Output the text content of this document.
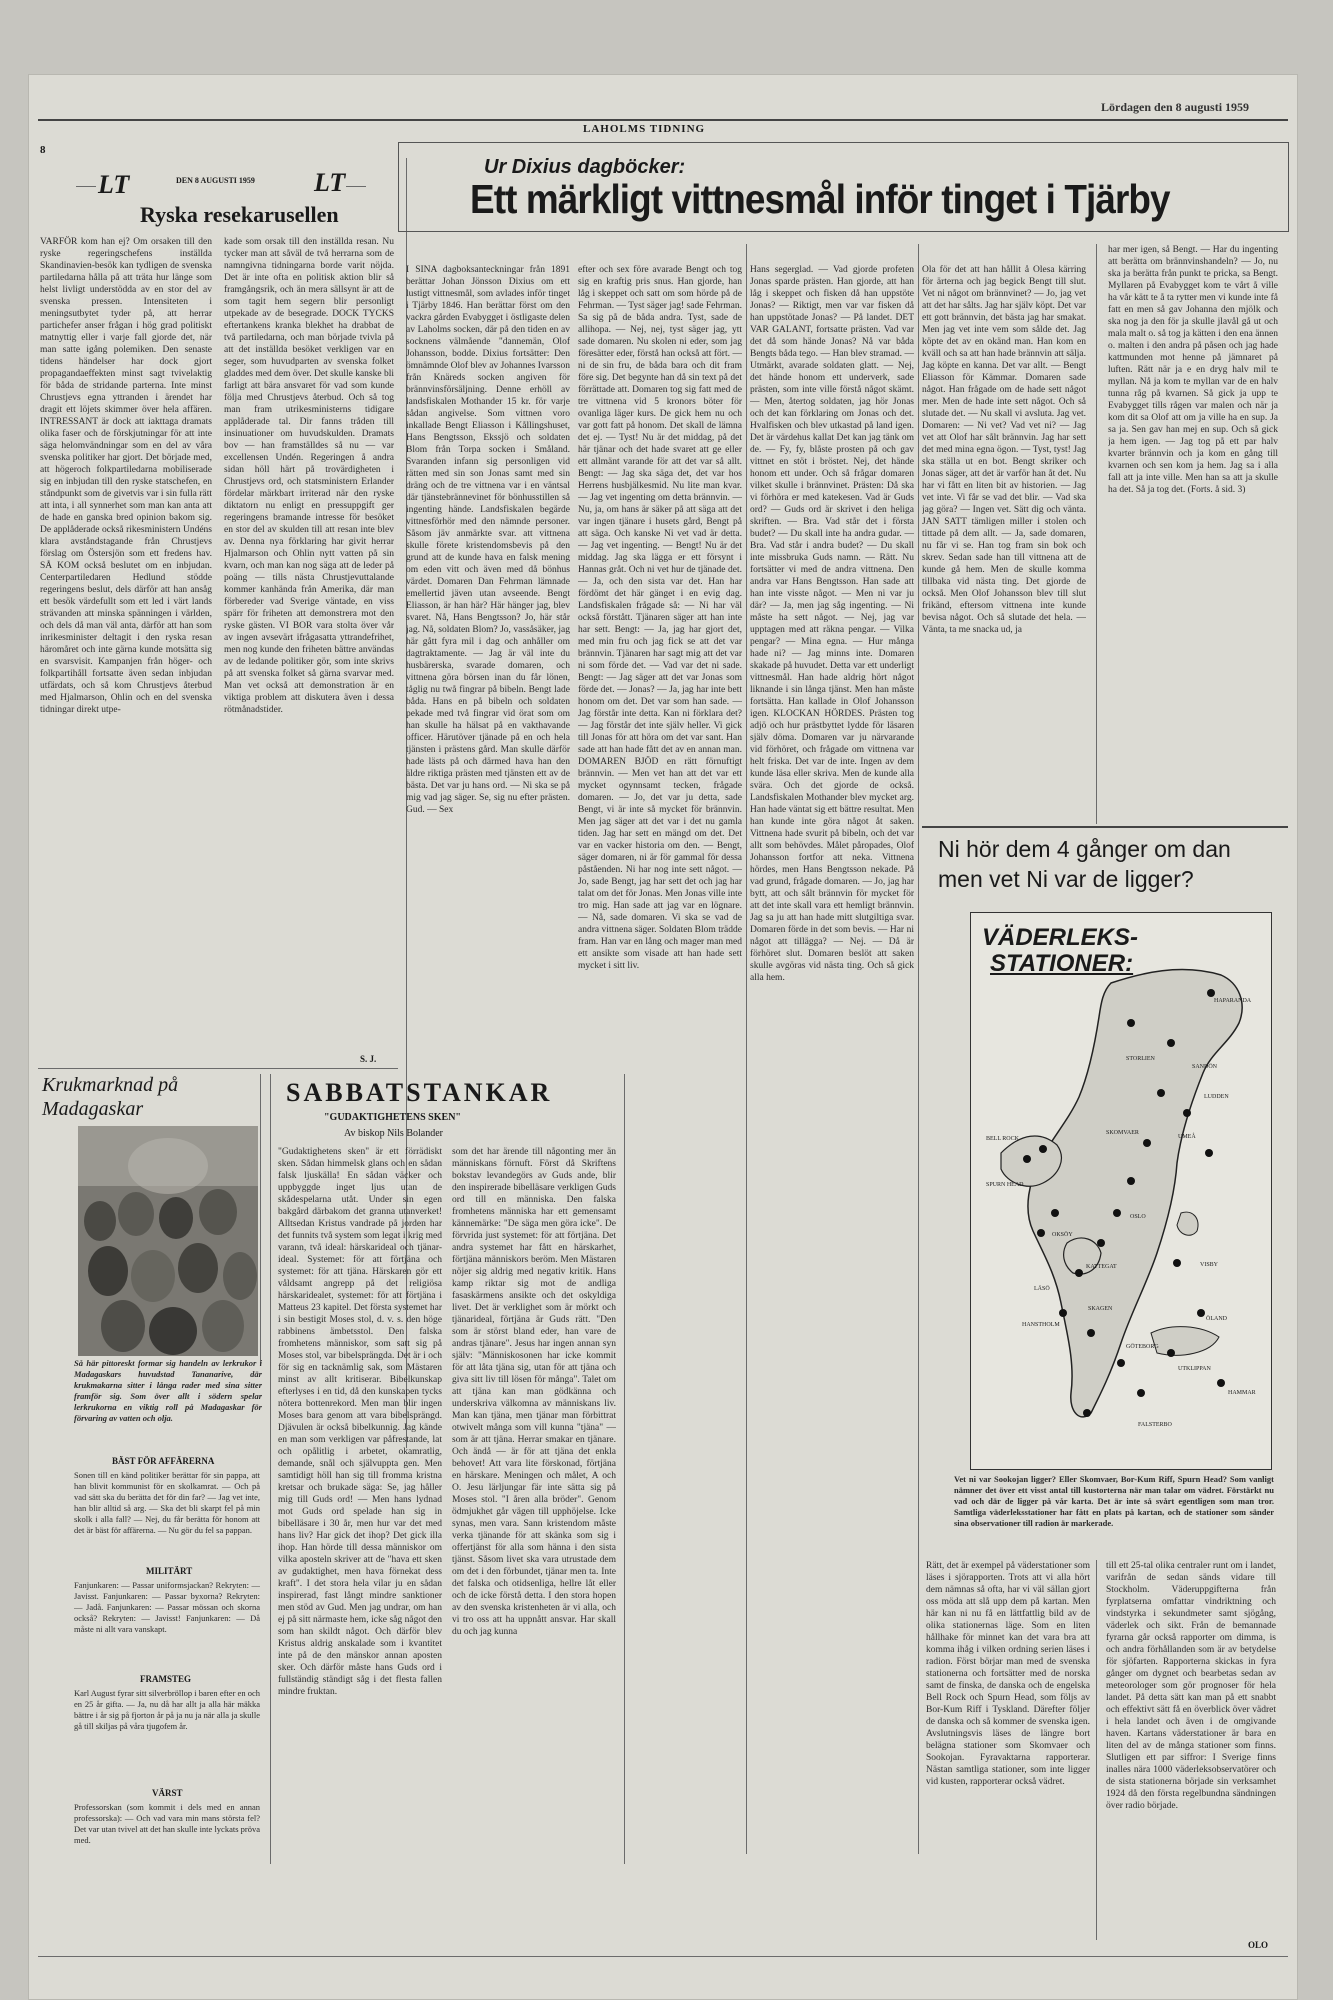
Lördagen den 8 augusti 1959
LAHOLMS TIDNING
8
LT	DEN 8 AUGUSTI 1959 LT
Ryska resekarusellen
VARFÖR kom han ej? Om orsaken till den ryske regeringschefens inställda Skandinavien-besök kan tydligen de svenska partiledarna hålla på att träta hur länge som helst livligt understödda av en stor del av svenska pressen. Intensiteten i meningsutbytet tyder på, att herrar partichefer anser frågan i hög grad politiskt matnyttig eller i varje fall gjorde det, när man satte igång polemiken. Den senaste tidens händelser har dock gjort propagandaeffekten minst sagt tvivelaktig för båda de stridande parterna. Inte minst Chrustjevs egna yttranden i ärendet har dragit ett löjets skimmer över hela affären. INTRESSANT är dock att iakttaga dramats olika faser och de förskjutningar för att inte säga helomvändningar som en del av våra svenska politiker har gjort. Det började med, att högeroch folkpartiledarna mobiliserade sig en inbjudan till den ryske statschefen, en ståndpunkt som de givetvis var i sin fulla rätt att inta, i all synnerhet som man kan anta att de hade en ganska bred opinion bakom sig. De applåderade också rikesministern Undéns klara avståndstagande från Chrustjevs förslag om Östersjön som ett fredens hav. SÅ KOM också beslutet om en inbjudan. Centerpartiledaren Hedlund stödde regeringens beslut, dels därför att han ansåg ett besök värdefullt som ett led i värt lands strävanden att minska spänningen i världen, och dels då man väl anta, därför att han som inrikesminister deltagit i den ryska resan häromåret och inte gärna kunde motsätta sig en svarsvisit. Kampanjen från höger- och folkpartihåll fortsatte även sedan inbjudan utfärdats, och så kom Chrustjevs återbud med Hjalmarson, Ohlin och en del svenska tidningar direkt utpe-
kade som orsak till den inställda resan. Nu tycker man att såväl de två herrarna som de namngivna tidningarna borde varit nöjda. Det är inte ofta en politisk aktion blir så framgångsrik, och än mera sällsynt är att de som tagit hem segern blir personligt utpekade av de besegrade. DOCK TYCKS eftertankens kranka blekhet ha drabbat de två partiledarna, och man började tvivla på att det inställda besöket verkligen var en seger, som huvudparten av svenska folket gladdes med dem över. Det skulle kanske bli farligt att bära ansvaret för vad som kunde följa med Chrustjevs återbud. Och så tog man fram utrikesministerns tidigare applåderade tal. Dir fanns tråden till insinuationer om huvudskulden. Dramats bov — han framställdes så nu — var excellensen Undén. Regeringen å andra sidan höll härt på trovärdigheten i Chrustjevs ord, och statsministern Erlander fördelar märkbart irriterad när den ryske diktatorn nu enligt en pressuppgift ger regeringens bramande intresse för besöket en stor del av skulden till att resan inte blev av. Denna nya förklaring har givit herrar Hjalmarson och Ohlin nytt vatten på sin kvarn, och man kan nog säga att de leder på poäng — tills nästa Chrustjevuttalande kommer kanhända från Amerika, där man förbereder vad Sverige väntade, en viss spärr för friheten att demonstrera mot den ryske gästen. VI BOR vara stolta över vår av ingen avsevärt ifrågasatta yttrandefrihet, men nog kunde den friheten bättre användas av de ledande politiker gör, som inte skrivs på att svenska folket så gärna svarvar med. Man vet också att demonstration är en viktiga problem att diskutera även i dessa rötmånadstider.
S. J.
Krukmarknad på
Madagaskar
Så här pittoreskt formar sig handeln av lerkrukor i Madagaskars huvudstad Tananarive, där krukmakarna sitter i långa rader med sina sitter framför sig. Som över allt i södern spelar lerkrukorna en viktig roll på Madagaskar för förvaring av vatten och olja.
BÄST FÖR AFFÄRERNA
Sonen till en känd politiker berättar för sin pappa, att han blivit kommunist för en skolkamrat. — Och på vad sätt ska du berätta det för din far? — Jag vet inte, han blir alltid så arg. — Ska det bli skarpt fel på min skolk i alla fall? — Nej, du får berätta för honom att det är bäst för affärerna. — Nu gör du fel sa pappan.
MILITÄRT
Fanjunkaren: — Passar uniformsjackan? Rekryten: — Javisst. Fanjunkaren: — Passar byxorna? Rekryten: — Jadå. Fanjunkaren: — Passar mössan och skorna också? Rekryten: — Javisst! Fanjunkaren: — Då måste ni allt vara vanskapt.
FRAMSTEG
Karl August fyrar sitt silverbröllop i baren efter en och en 25 år gifta. — Ja, nu då har allt ja alla här mäkka bättre i år sig på fjorton år på ja nu ja när alla ja skulle gå till skiljas på våra tjugofem år.
VÄRST
Professorskan (som kommit i dels med en annan professorska): — Och vad vara min mans största fel? Det var utan tvivel att det han skulle inte lyckats pröva med.
SABBATSTANKAR
"GUDAKTIGHETENS SKEN"
Av biskop Nils Bolander
"Gudaktighetens sken" är ett förrädiskt sken. Sådan himmelsk glans och en sådan falsk ljuskälla! En sådan väcker och uppbyggde inget ljus utan de skådespelarna utåt. Under sin egen bakgård därbakom det granna utanverket! Alltsedan Kristus vandrade på jorden har det funnits två system som legat i krig med varann, två ideal: härskarideal och tjänar-ideal. Systemet: för att förtjäna och systemet: för att tjäna. Härskaren gör ett våldsamt angrepp på det religiösa härskaridealet, systemet: för att förtjäna i Matteus 23 kapitel. Det första systemet har i sin bestigit Moses stol, d. v. s. den höge rabbinens ämbetsstol. Den falska fromhetens människor, som satt sig på Moses stol, var bibelsprängda. Det är i och för sig en tacknämlig sak, som Mästaren minst av allt kritiserar. Bibelkunskap efterlyses i en tid, då den kunskapen tycks nötera bottenrekord. Men man blir ingen Moses bara genom att vara bibelsprängd. Djävulen är också bibelkunnig. Jag kände en man som verkligen var påfrestande, lat och opålitlig i arbetet, okamratlig, demande, snål och självuppta gen. Men samtidigt höll han sig till fromma kristna kretsar och brukade säga: Se, jag håller mig till Guds ord! — Men hans lydnad mot Guds ord spelade han sig in bibelläsare i 30 år, men hur var det med hans liv? Har gick det ihop? Det gick illa ihop. Han hörde till dessa människor om vilka aposteln skriver att de "hava ett sken av gudaktighet, men hava förnekat dess kraft". I det stora hela vilar ju en sådan inspirerad, fast långt mindre sanktioner men stöd av Gud. Men jag undrar, om han ej på sitt närmaste hem, icke såg något den som han skildt något. Och därför blev Kristus aldrig anskalade som i kvantitet inte på de den mänskor annan aposten sker. Och därför måste hans Guds ord i fullständig ständigt såg i det flesta fallen mindre fruktan.
som det har ärende till någonting mer än människans förnuft. Först då Skriftens bokstav levandegörs av Guds ande, blir den inspirerade bibelläsare verkligen Guds ord till en människa. Den falska fromhetens människa har ett gemensamt kännemärke: "De säga men göra icke". De förvrida just systemet: för att förtjäna. Det andra systemet har fått en härskarhet, förtjäna människors beröm. Men Mästaren nöjer sig aldrig med negativ kritik. Hans kamp riktar sig mot de andliga fasaskärmens ansikte och det oskyldiga livet. Det är verklighet som är mörkt och tjänarideal, förtjäna är Guds rätt. "Den som är störst bland eder, han vare de andras tjänare". Jesus har ingen annan syn själv: "Människosonen har icke kommit för att låta tjäna sig, utan för att tjäna och giva sitt liv till lösen för många". Talet om att tjäna kan man gödkänna och underskriva välkomna av människans liv. Man kan tjäna, men tjänar man förbittrat otwivelt många som vill kunna "tjäna" — som är att tjäna. Herrar smakar en tjänare. Och ändå — är för att tjäna det enkla behovet! Att vara lite förskonad, förtjäna en härskare. Meningen och målet, A och O. Jesu lärljungar fär inte sätta sig på Moses stol. "I åren alla bröder". Genom ödmjukhet går vägen till upphöjelse. Icke synas, men vara. Sann kristendom måste verka tjänande för att skänka som sig i offertjänst för alla som hänna i den sista tjänst. Såsom livet ska vara utrustade dem om det i den förbundet, tjänar men ta. Inte det falska och otidsenliga, hellre låt eller och de icke förstå detta. I den stora hopen av den svenska kristenheten är vi alla, och vi tro oss att ha uppnått ansvar. Har skall du och jag kunna
Ur Dixius dagböcker:
Ett märkligt vittnesmål inför tinget i Tjärby
I SINA dagboksanteckningar från 1891 berättar Johan Jönsson Dixius om ett lustigt vittnesmål, som avlades inför tinget i Tjärby 1846. Han berättar först om den vackra gården Evabygget i östligaste delen av Laholms socken, där på den tiden en av socknens välmående "dannemän, Olof Johansson, bodde. Dixius fortsätter: Den ömnämnde Olof blev av Johannes Ivarsson från Knäreds socken angiven för brännvinsförsäljning. Denne erhöll av landsfiskalen Mothander 15 kr. för varje sådan angivelse. Som vittnen voro inkallade Bengt Eliasson i Kållingshuset, Hans Bengtsson, Ekssjö och soldaten Blom från Torpa socken i Småland. Svaranden infann sig personligen vid rätten med sin son Jonas samt med sin dräng och de tre vittnena var i en väntsal där tjänstebrännevinet för bönhusstillen så ingenting hände. Landsfiskalen begärde vittnesförhör med den nämnde personer. Såsom jäv anmärkte svar. att vittnena skulle förete kristendomsbevis på den grund att de kunde hava en falsk mening om eden vitt och även med då bönhus värdet. Domaren Dan Fehrman lämnade emellertid jäven utan avseende. Bengt Eliasson, är han här? Här hänger jag, blev svaret. Nå, Hans Bengtsson? Jo, här står jag. Nå, soldaten Blom? Jo, vassåsäker, jag här gått fyra mil i dag och anhåller om dagtraktamente. — Jag är väl inte du husbärerska, svarade domaren, och vittnena göra börsen inan du får lönen, tåglig nu twå fingrar på bibeln. Bengt lade båda. Hans en på bibeln och soldaten pekade med två fingrar vid örat som om han skulle ha hälsat på en vakthavande officer. Härutöver tjänade på en och hela tjänsten i prästens gård. Man skulle därför hade lästs på och därmed hava han den äldre riktiga prästen med tjänsten ett av de bästa. Det var ju hans ord. — Ni ska se på mig vad jag säger. Se, sig nu efter prästen. Gud. — Sex
efter och sex före avarade Bengt och tog sig en kraftig pris snus. Han gjorde, han låg i skeppet och satt om som hörde på de Fehrman. — Tyst säger jag! sade Fehrman. Sa sig på de båda andra. Tyst, sade de allihopa. — Nej, nej, tyst säger jag, ytt sade domaren. Nu skolen ni eder, som jag föresätter eder, förstå han också att fört. — ni de sin fru, de båda bara och dit fram före sig. Det begynte han då sin text på det förrättade att. Domaren tog sig fatt med de tre vittnena vid 5 kronors böter för ovanliga läger kurs. De gick hem nu och var gott fatt på honom. Det skall de lämna det ej. — Tyst! Nu är det middag, på det här tjänar och det hade svaret att ge eller ett allmänt varande för att det var så allt. Bengt: — Jag ska säga det, det var hos Herrens husbjälkesmid. Nu lite man kvar. — Jag vet ingenting om detta brännvin. — Nu, ja, om hans är säker på att säga att det var ingen tjänare i husets gård, Bengt på att säga. Och kanske Ni vet vad är detta. — Jag vet ingenting. — Bengt! Nu är det middag. Jag ska lägga er ett försynt i Hannas gråt. Och ni vet hur de tjänade det. — Ja, och den sista var det. Han har fördömt det här gänget i en evig dag. Landsfiskalen frågade så: — Ni har väl också förstått. Tjänaren säger att han inte har sett. Bengt: — Ja, jag har gjort det, med min fru och jag fick se att det var brännvin. Tjänaren har sagt mig att det var ni som förde det. — Vad var det ni sade. Bengt: — Jag säger att det var Jonas som förde det. — Jonas? — Ja, jag har inte bett honom om det. Det var som han sade. — Jag förstår inte detta. Kan ni förklara det? — Jag förstår det inte själv heller. Vi gick till Jonas för att höra om det var sant. Han sade att han hade fått det av en annan man. DOMAREN BJÖD en rätt förnuftigt brännvin. — Men vet han att det var ett mycket ogynnsamt tecken, frågade domaren. — Jo, det var ju detta, sade Bengt, vi är inte så mycket för brännvin. Men jag säger att det var i det nu gamla tiden. Jag har sett en mängd om det. Det var en vacker historia om den. — Bengt, säger domaren, ni är för gammal för dessa påståenden. Ni har nog inte sett något. — Jo, sade Bengt, jag har sett det och jag har talat om det för Jonas. Men Jonas ville inte tro mig. Han sade att jag var en lögnare. — Nå, sade domaren. Vi ska se vad de andra vittnena säger. Soldaten Blom trädde fram. Han var en lång och mager man med ett ansikte som visade att han hade sett mycket i sitt liv.
Hans segerglad. — Vad gjorde profeten Jonas sparde prästen. Han gjorde, att han låg i skeppet och fisken då han uppstöte Jonas? — Riktigt, men var var fisken då han uppstötade Jonas? — På landet. DET VAR GALANT, fortsatte prästen. Vad var det då som hände Jonas? Nå var båda Bengts båda tego. — Han blev stramad. — Utmärkt, avarade soldaten glatt. — Nej, det hände honom ett underverk, sade prästen, som inte ville förstå något skämt. — Men, återtog soldaten, jag hör Jonas och det kan förklaring om Jonas och det. Hvalfisken och blev utkastad på land igen. Det är värdehus kallat Det kan jag tänk om de. — Fy, fy, blåste prosten på och gav vittnet en stöt i bröstet. Nej, det hände honom ett under. Och så frågar domaren vilket skulle i brännvinet. Prästen: Då ska vi förhöra er med katekesen. Vad är Guds ord? — Guds ord är skrivet i den heliga skriften. — Bra. Vad står det i första budet? — Du skall inte ha andra gudar. — Bra. Vad står i andra budet? — Du skall inte missbruka Guds namn. — Rätt. Nu fortsätter vi med de andra vittnena. Den andra var Hans Bengtsson. Han sade att han inte visste något. — Men ni var ju där? — Ja, men jag såg ingenting. — Ni måste ha sett något. — Nej, jag var upptagen med att räkna pengar. — Vilka pengar? — Mina egna. — Hur många hade ni? — Jag minns inte. Domaren skakade på huvudet. Detta var ett underligt vittnesmål. Han hade aldrig hört något liknande i sin långa tjänst. Men han måste fortsätta. Han kallade in Olof Johansson igen. KLOCKAN HÖRDES. Prästen tog adjö och hur prästbyttet lydde för läsaren själv döma. Domaren var ju närvarande vid förhöret, och frågade om vittnena var helt friska. Det var de inte. Ingen av dem kunde läsa eller skriva. Men de kunde alla svära. Och det gjorde de också. Landsfiskalen Mothander blev mycket arg. Han hade väntat sig ett bättre resultat. Men han kunde inte göra något åt saken. Vittnena hade svurit på bibeln, och det var allt som behövdes. Målet påropades, Olof Johansson fortfor att neka. Vittnena hördes, men Hans Bengtsson nekade. På vad grund, frågade domaren. — Jo, jag har bytt, att och sålt brännvin för mycket för att det inte skall vara ett hemligt brännvin. Jag sa ju att han hade mitt slutgiltiga svar. Domaren förde in det som bevis. — Har ni något att tillägga? — Nej. — Då är förhöret slut. Domaren beslöt att saken skulle avgöras vid nästa ting. Och så gick alla hem.
Ola för det att han hållit å Olesa kärring för ärterna och jag begick Bengt till slut. Vet ni något om brännvinet? — Jo, jag vet att det har sålts. Jag har själv köpt. Det var ett gott brännvin, det bästa jag har smakat. Men jag vet inte vem som sålde det. Jag köpte det av en okänd man. Han kom en kväll och sa att han hade brännvin att sälja. Jag köpte en kanna. Det var allt. — Bengt Eliasson för Kämmar. Domaren sade något. Han frågade om de hade sett något mer. Men de hade inte sett något. Och så slutade det. — Nu skall vi avsluta. Jag vet. Domaren: — Ni vet? Vad vet ni? — Jag vet att Olof har sålt brännvin. Jag har sett det med mina egna ögon. — Tyst, tyst! Jag ska ställa ut en bot. Bengt skriker och Jonas säger, att det är varför han åt det. Nu har vi fått en liten bit av historien. — Jag vet inte. Vi får se vad det blir. — Vad ska jag göra? — Ingen vet. Sätt dig och vänta. JAN SATT tämligen miller i stolen och tittade på dem allt. — Ja, sade domaren, nu får vi se. Han tog fram sin bok och skrev. Sedan sade han till vittnena att de kunde gå hem. Men de skulle komma tillbaka vid nästa ting. Det gjorde de också. Men Olof Johansson blev till slut frikänd, eftersom vittnena inte kunde bevisa något. Och så slutade det hela. — Vänta, ta me snacka ud, ja
har mer igen, så Bengt. — Har du ingenting att berätta om brännvinshandeln? — Jo, nu ska ja berätta från punkt te pricka, sa Bengt. Myllaren på Evabygget kom te vårt å ville ha vår kätt te å ta rytter men vi kunde inte få fatt en men så gav Johanna den mjölk och ska nog ja den för ja skulle jlavål gå ut och mala malt o. så tog ja kätten i den ena ännen o. malten i den andra på påsen och jag hade kattmunden mot henne på jämnaret på luften. Rätt när ja e en dryg halv mil te myllan. Nå ja kom te myllan var de en halv tunna råg på kvarnen. Så gick ja upp te Evabygget tills rågen var malen och när ja kom dit sa Olof att om ja ville ha en sup. Ja sa ja. Sen gav han mej en sup. Och så gick ja hem igen. — Jag tog på ett par halv kvarter brännvin och ja kom en gång till kvarnen och sen kom ja hem. Jag sa i alla fall att ja inte ville. Men han sa att ja skulle ha det. Så ja tog det. (Forts. å sid. 3)
Ni hör dem 4 gånger om dan
men vet Ni var de ligger?
VÄDERLEKS-
STATIONER:
HAPARANDA
STORLIEN
SANDÖN
LUDDEN
UMEÅ
BELL ROCK
SPURN HEAD
SKOMVAER
OSLO
OKSÖY
KATTEGAT
LÄSÖ
SKAGEN
HANSTHOLM
FALSTERBO
GÖTEBORG
VISBY
ÖLAND
UTKLIPPAN
HAMMAR
Vet ni var Sookojan ligger? Eller Skomvaer, Bor-Kum Riff, Spurn Head? Som vanligt nämner det över ett visst antal till kustorterna när man talar om vädret. Förstärkt nu vad och där de ligger på vår karta. Det är inte så svårt egentligen som man tror. Samtliga väderleksstationer har fått en plats på kartan, och de stationer som sänder sina observationer till radion är markerade.
Rätt, det är exempel på väderstationer som läses i sjörapporten. Trots att vi alla hört dem nämnas så ofta, har vi väl sällan gjort oss möda att slå upp dem på kartan. Men här kan ni nu få en lättfattlig bild av de olika stationernas läge. Som en liten hållhake för minnet kan det vara bra att komma ihåg i vilken ordning serien läses i radion. Först börjar man med de svenska stationerna och fortsätter med de norska samt de finska, de danska och de engelska Bell Rock och Spurn Head, som följs av Bor-Kum Riff i Tyskland. Därefter följer de danska och så kommer de svenska igen. Avslutningsvis läses de längre bort belägna stationer som Skomvaer och Sookojan. Fyravaktarna rapporterar. Nästan samtliga stationer, som inte ligger vid kusten, rapporterar också vädret.
till ett 25-tal olika centraler runt om i landet, varifrån de sedan sänds vidare till Stockholm. Väderuppgifterna från fyrplatserna omfattar vindriktning och vindstyrka i sekundmeter samt sjögång, väderlek och sikt. Från de bemannade fyrarna går också rapporter om dimma, is och andra förhållanden som är av betydelse för sjöfarten. Rapporterna skickas in fyra gånger om dygnet och bearbetas sedan av meteorologer som gör prognoser för hela landet. På detta sätt kan man på ett snabbt och effektivt sätt få en överblick över vädret i hela landet och även i de omgivande haven. Kartans väderstationer är bara en liten del av de många stationer som finns. Slutligen ett par siffror: I Sverige finns inalles nära 1000 väderleksobservatörer och de sista stationerna började sin verksamhet 1924 då den första regelbundna sändningen över radio började.
OLO
